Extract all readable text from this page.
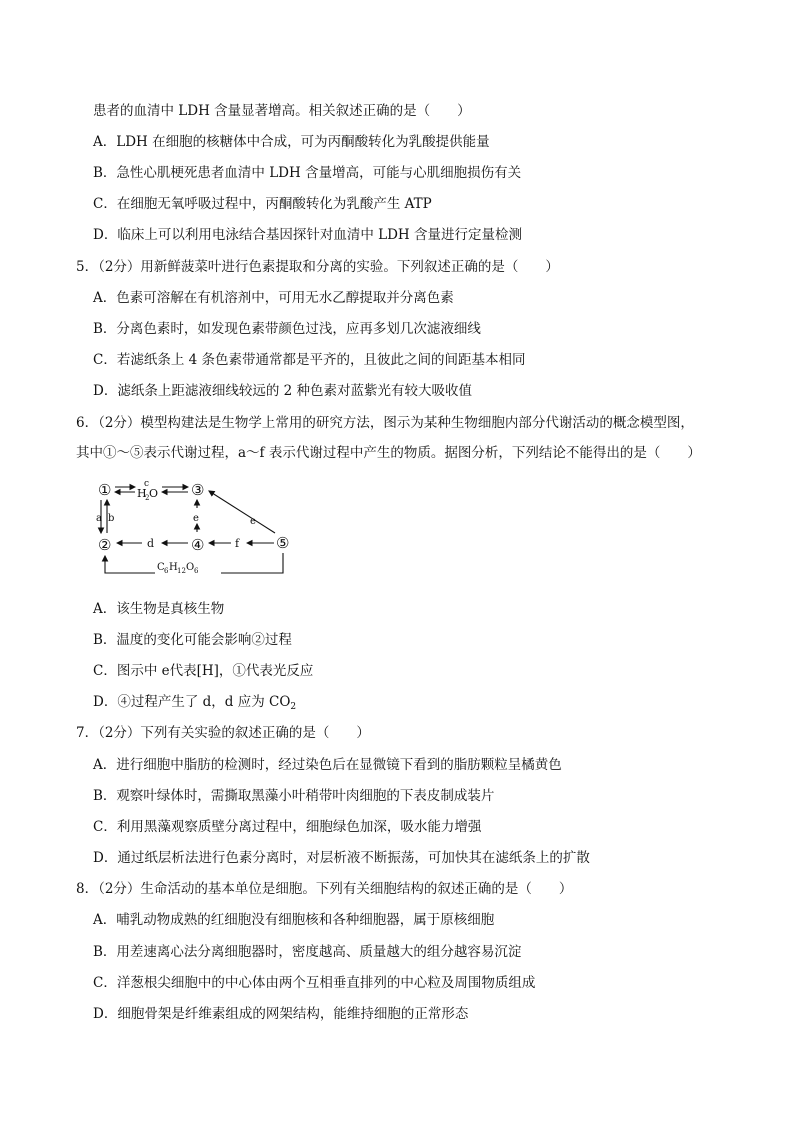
患者的血清中 LDH 含量显著增高。相关叙述正确的是（　　）
A．LDH 在细胞的核糖体中合成，可为丙酮酸转化为乳酸提供能量
B．急性心肌梗死患者血清中 LDH 含量增高，可能与心肌细胞损伤有关
C．在细胞无氧呼吸过程中，丙酮酸转化为乳酸产生 ATP
D．临床上可以利用电泳结合基因探针对血清中 LDH 含量进行定量检测
5．（2分）用新鲜菠菜叶进行色素提取和分离的实验。下列叙述正确的是（　　）
A．色素可溶解在有机溶剂中，可用无水乙醇提取并分离色素
B．分离色素时，如发现色素带颜色过浅，应再多划几次滤液细线
C．若滤纸条上 4 条色素带通常都是平齐的，且彼此之间的间距基本相同
D．滤纸条上距滤液细线较远的 2 种色素对蓝紫光有较大吸收值
6．（2分）模型构建法是生物学上常用的研究方法，图示为某种生物细胞内部分代谢活动的概念模型图，
其中①～⑤表示代谢过程，a～f 表示代谢过程中产生的物质。据图分析，下列结论不能得出的是（　　）
①	③
②	④	⑤
c
H
2 O
a b	e	e
f
d
C 6 H 12 O 6
A．该生物是真核生物
B．温度的变化可能会影响②过程
C．图示中 e代表[H]，①代表光反应
D．④过程产生了 d，d 应为 $CO_2$
7．（2分）下列有关实验的叙述正确的是（　　）
A．进行细胞中脂肪的检测时，经过染色后在显微镜下看到的脂肪颗粒呈橘黄色
B．观察叶绿体时，需撕取黑藻小叶稍带叶肉细胞的下表皮制成装片
C．利用黑藻观察质壁分离过程中，细胞绿色加深，吸水能力增强
D．通过纸层析法进行色素分离时，对层析液不断振荡，可加快其在滤纸条上的扩散
8．（2分）生命活动的基本单位是细胞。下列有关细胞结构的叙述正确的是（　　）
A．哺乳动物成熟的红细胞没有细胞核和各种细胞器，属于原核细胞
B．用差速离心法分离细胞器时，密度越高、质量越大的组分越容易沉淀
C．洋葱根尖细胞中的中心体由两个互相垂直排列的中心粒及周围物质组成
D．细胞骨架是纤维素组成的网架结构，能维持细胞的正常形态
